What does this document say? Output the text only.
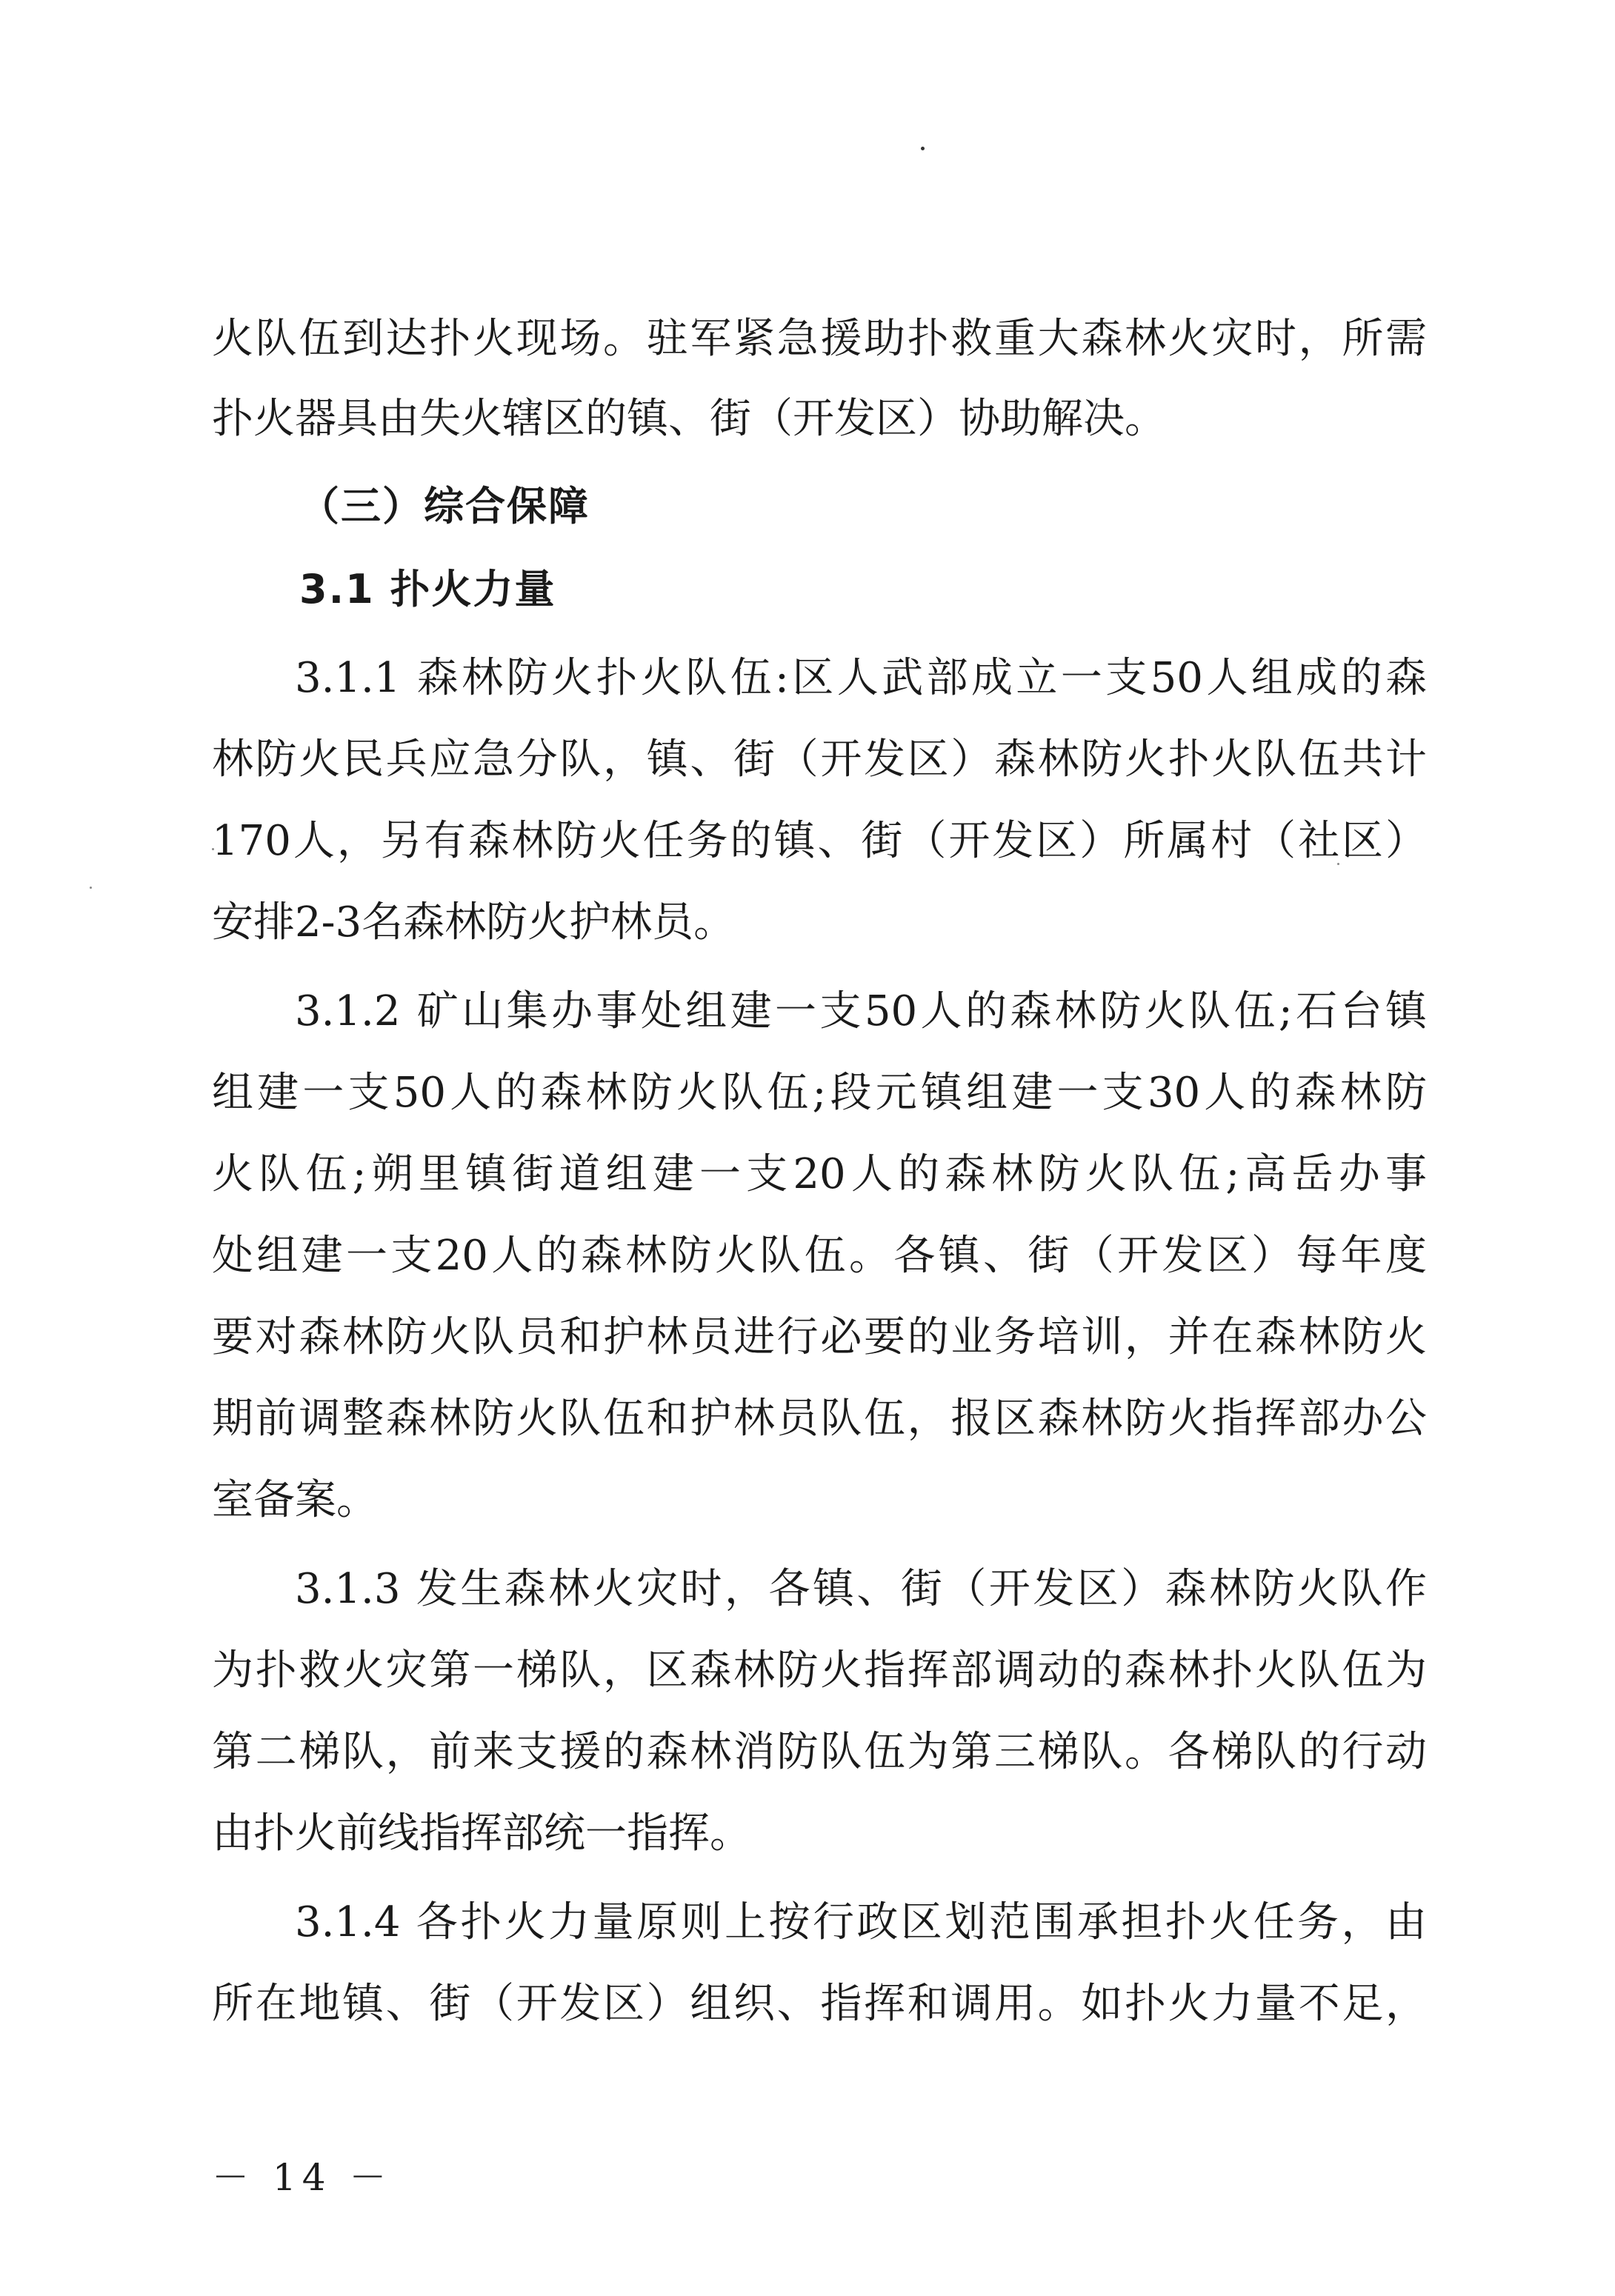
火队伍到达扑火现场。驻军紧急援助扑救重大森林火灾时，所需
扑火器具由失火辖区的镇、街（开发区）协助解决。
（三）综合保障
3.1 扑火力量
3.1.1 森林防火扑火队伍:区人武部成立一支50人组成的森
林防火民兵应急分队，镇、街（开发区）森林防火扑火队伍共计
170人，另有森林防火任务的镇、街（开发区）所属村（社区）
安排2-3名森林防火护林员。
3.1.2 矿山集办事处组建一支50人的森林防火队伍;石台镇
组建一支50人的森林防火队伍;段元镇组建一支30人的森林防
火队伍;朔里镇街道组建一支20人的森林防火队伍;高岳办事
处组建一支20人的森林防火队伍。各镇、街（开发区）每年度
要对森林防火队员和护林员进行必要的业务培训，并在森林防火
期前调整森林防火队伍和护林员队伍，报区森林防火指挥部办公
室备案。
3.1.3 发生森林火灾时，各镇、街（开发区）森林防火队作
为扑救火灾第一梯队，区森林防火指挥部调动的森林扑火队伍为
第二梯队，前来支援的森林消防队伍为第三梯队。各梯队的行动
由扑火前线指挥部统一指挥。
3.1.4 各扑火力量原则上按行政区划范围承担扑火任务，由
所在地镇、街（开发区）组织、指挥和调用。如扑火力量不足，
－ 14 －
